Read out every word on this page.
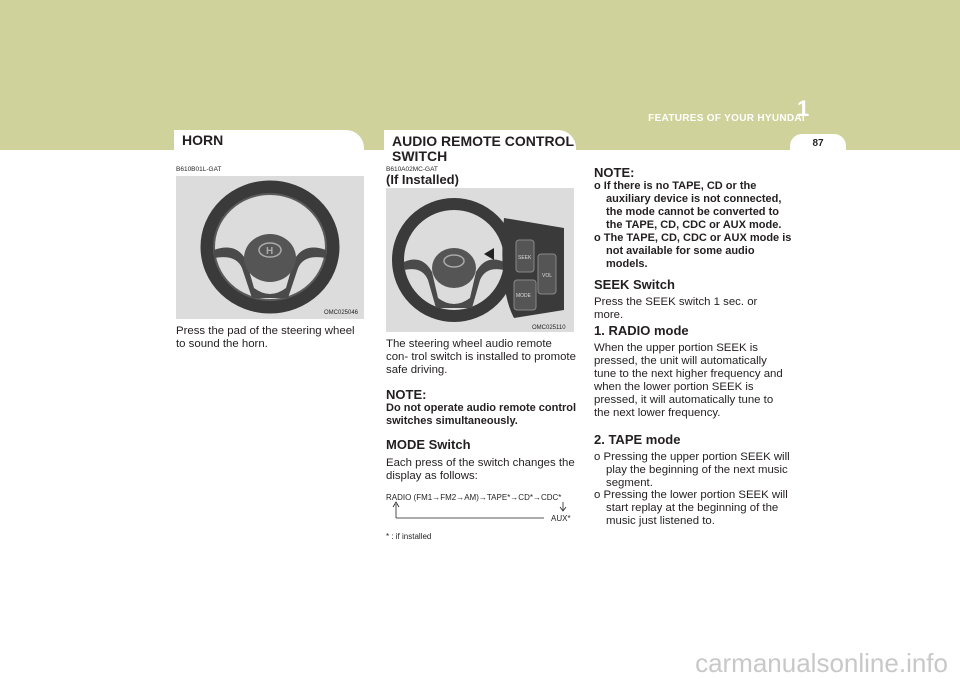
FEATURES OF YOUR HYUNDAI
1
87
HORN
B610B01L-GAT
H
OMC025046
Press the pad of the steering wheel to sound the horn.
AUDIO REMOTE CONTROL
SWITCH
B610A02MC-GAT
(If Installed)
SEEK
VOL
MODE
OMC025110
The steering wheel audio remote con- trol switch is installed to promote safe driving.
NOTE:
Do not operate audio remote control switches simultaneously.
MODE Switch
Each press of the switch changes the display as follows:
RADIO (FM1→FM2→AM)→TAPE*→CD*→CDC*
AUX*
* : if installed
NOTE:
o If there is no TAPE, CD or the auxiliary device is not connected, the mode cannot be converted to the TAPE, CD, CDC or AUX mode.
o The TAPE, CD, CDC or AUX mode is not available for some audio models.
SEEK Switch
Press the SEEK switch 1 sec. or more.
1. RADIO mode
When the upper portion SEEK is pressed, the unit will automatically tune to the next higher frequency and when the lower portion SEEK is pressed, it will automatically tune to the next lower frequency.
2. TAPE mode
o Pressing the upper portion SEEK will play the beginning of the next music segment.
o Pressing the lower portion SEEK will start replay at the beginning of the music just listened to.
carmanualsonline.info
